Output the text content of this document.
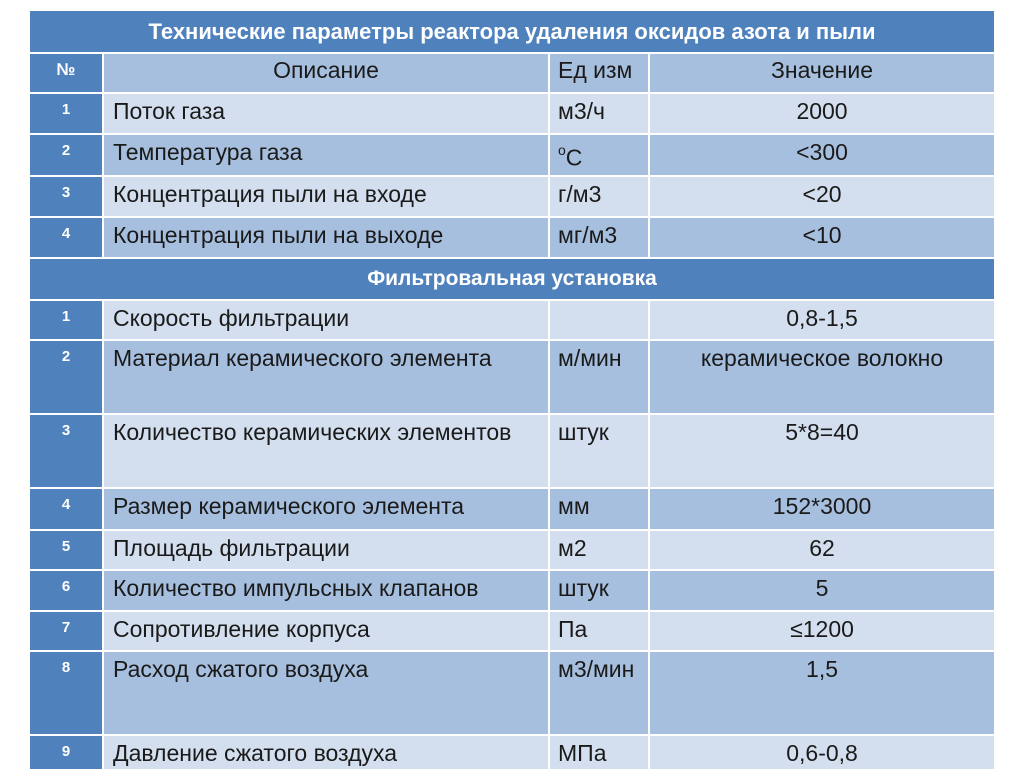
Технические параметры реактора удаления оксидов азота и пыли			
№	Описание	Ед изм	Значение
1	Поток газа	м3/ч	2000
2	Температура газа	$^о$С	<300
3	Концентрация пыли на входе	г/м3	<20
4	Концентрация пыли на выходе	мг/м3	<10
Фильтровальная установка			
1	Скорость фильтрации		0,8-1,5
2	Материал керамического элемента	м/мин	керамическое волокно
3	Количество керамических элементов	штук	5*8=40
4	Размер керамического элемента	мм	152*3000
5	Площадь фильтрации	м2	62
6	Количество импульсных клапанов	штук	5
7	Сопротивление корпуса	Па	≤1200
8	Расход сжатого воздуха	м3/мин	1,5
9	Давление сжатого воздуха	МПа	0,6-0,8
